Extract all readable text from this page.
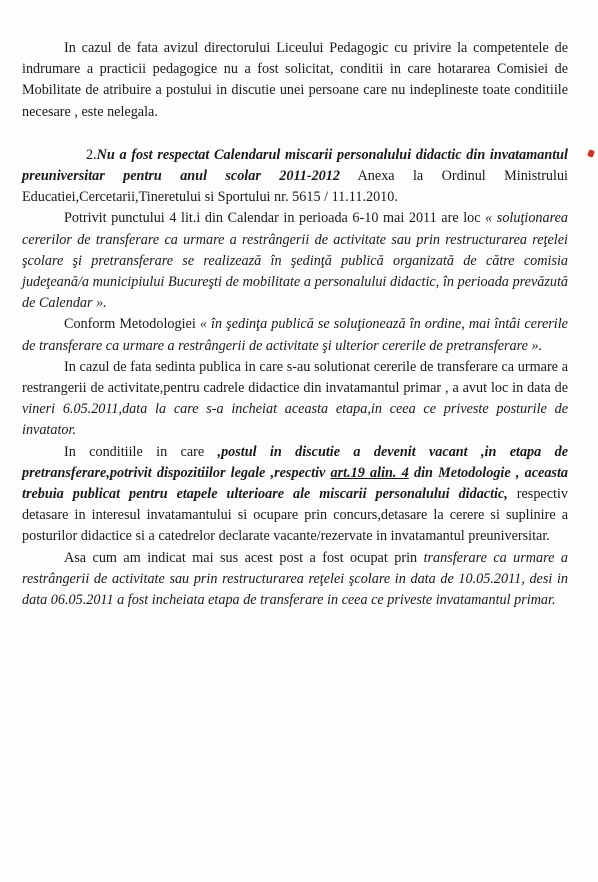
In cazul de fata avizul directorului Liceului Pedagogic cu privire la competentele de indrumare a practicii pedagogice nu a fost solicitat, conditii in care hotararea Comisiei de Mobilitate de atribuire a postului in discutie unei persoane care nu indeplineste toate conditiile necesare , este nelegala.

2.Nu a fost respectat Calendarul miscarii personalului didactic din invatamantul preuniversitar pentru anul scolar 2011-2012 Anexa la Ordinul Ministrului Educatiei,Cercetarii,Tineretului si Sportului nr. 5615 / 11.11.2010.

Potrivit punctului 4 lit.i din Calendar in perioada 6-10 mai 2011 are loc « soluţionarea cererilor de transferare ca urmare a restrângerii de activitate sau prin restructurarea reţelei şcolare şi pretransferare se realizează în şedinţă publică organizată de către comisia judeţeană/a municipiului Bucureşti de mobilitate a personalului didactic, în perioada prevăzută de Calendar ».

Conform Metodologiei « în şedinţa publică se soluţionează în ordine, mai întâi cererile de transferare ca urmare a restrângerii de activitate şi ulterior cererile de pretransferare ».

In cazul de fata sedinta publica in care s-au solutionat cererile de transferare ca urmare a restrangerii de activitate,pentru cadrele didactice din invatamantul primar , a avut loc in data de vineri 6.05.2011,data la care s-a incheiat aceasta etapa,in ceea ce priveste posturile de invatator.

In conditiile in care ,postul in discutie a devenit vacant ,in etapa de pretransferare,potrivit dispozitiilor legale ,respectiv art.19 alin. 4 din Metodologie , aceasta trebuia publicat pentru etapele ulterioare ale miscarii personalului didactic, respectiv detasare in interesul invatamantului si ocupare prin concurs,detasare la cerere si suplinire a posturilor didactice si a catedrelor declarate vacante/rezervate in invatamantul preuniversitar.

Asa cum am indicat mai sus acest post a fost ocupat prin transferare ca urmare a restrângerii de activitate sau prin restructurarea reţelei şcolare in data de 10.05.2011, desi in data 06.05.2011 a fost incheiata etapa de transferare in ceea ce priveste invatamantul primar.
